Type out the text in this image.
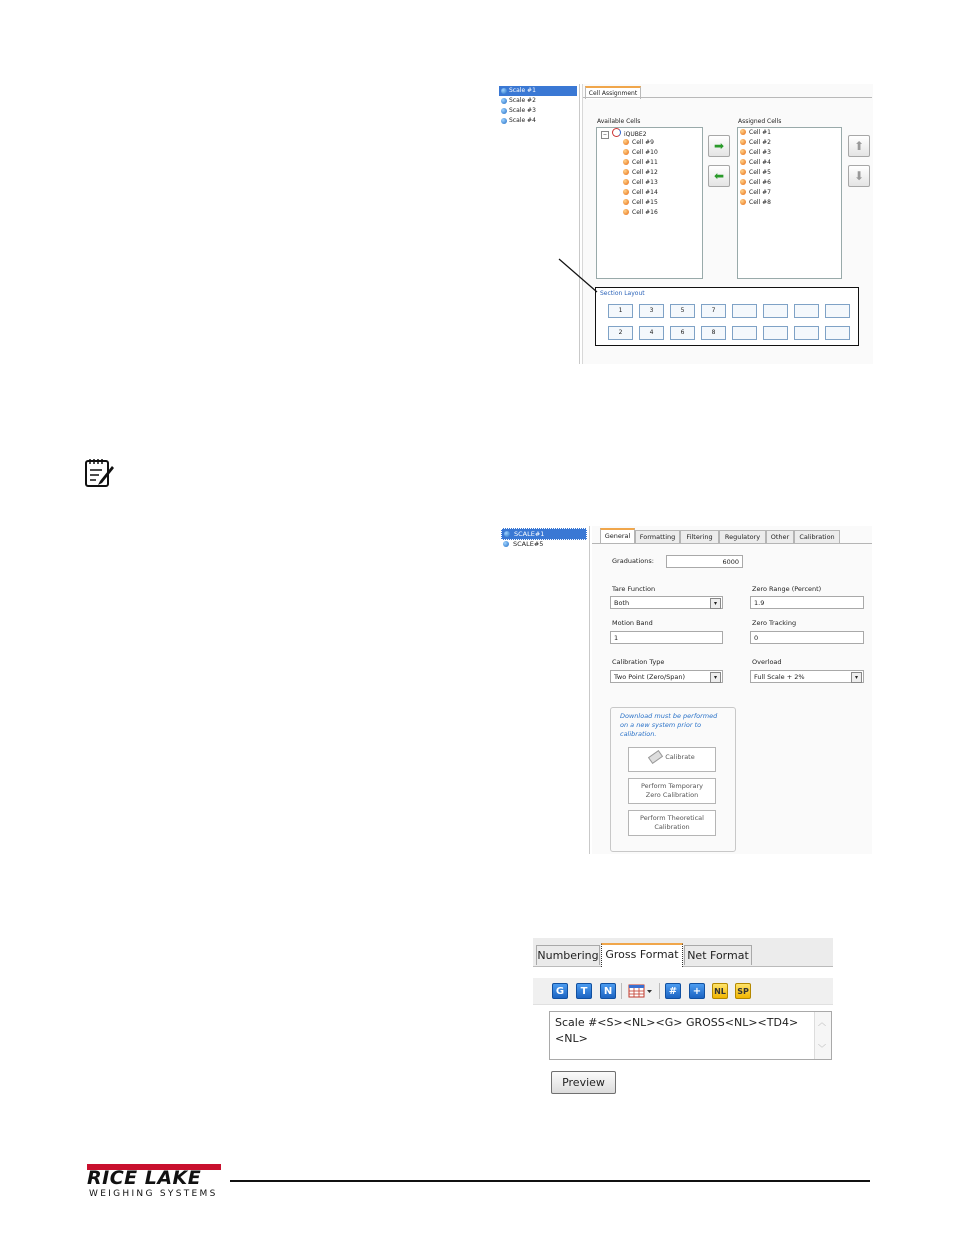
Scale #1
Scale #2
Scale #3
Scale #4
Cell Assignment
Available Cells
−	iQUBE2
Cell #9
Cell #10
Cell #11
Cell #12
Cell #13
Cell #14
Cell #15
Cell #16
➡
⬅
Assigned Cells
Cell #1
Cell #2
Cell #3
Cell #4
Cell #5
Cell #6
Cell #7
Cell #8
⬆
⬇
Section Layout
1	3	5	7
2	4	6	8
SCALE#1
SCALE#5
General	Formatting	Filtering	Regulatory	Other	Calibration
Graduations:	6000
Tare Function
Both	▾
Zero Range (Percent)
1.9
Motion Band
1
Zero Tracking
0
Calibration Type
Two Point (Zero/Span)	▾
Overload
Full Scale + 2%	▾
Download must be performed
on a new system prior to
calibration.
Calibrate
Perform Temporary
Zero Calibration
Perform Theoretical
Calibration
Numbering Gross Format Net Format
G	T	N	#	+	NL SP
Scale #<S><NL><G> GROSS<NL><TD4><NL>
︿
﹀
Preview
RICE LAKE
WEIGHING SYSTEMS
